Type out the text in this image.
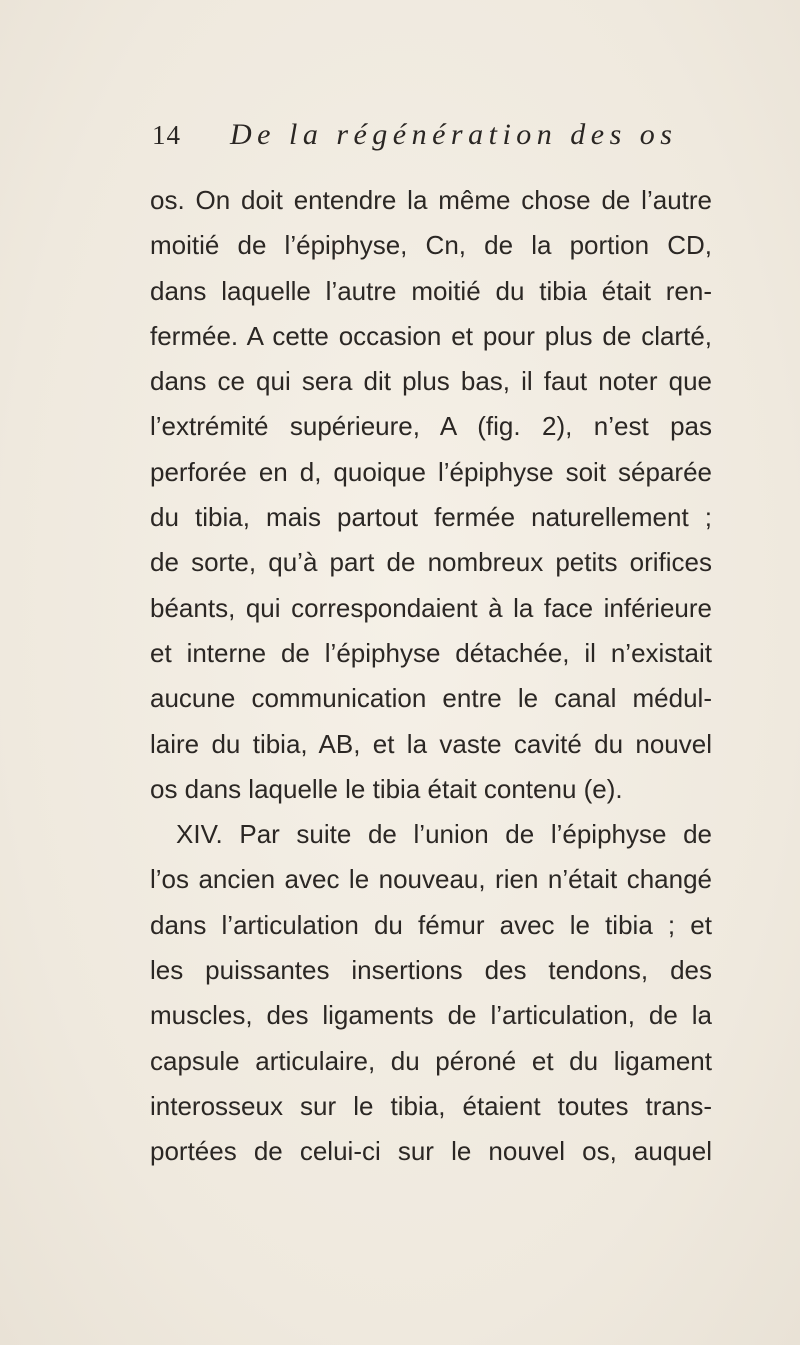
14 De la régénération des os
os. On doit entendre la même chose de l’autre
moitié de l’épiphyse, Cn, de la portion CD,
dans laquelle l’autre moitié du tibia était ren-
fermée. A cette occasion et pour plus de clarté,
dans ce qui sera dit plus bas, il faut noter que
l’extrémité supérieure, A (fig. 2), n’est pas
perforée en d, quoique l’épiphyse soit séparée
du tibia, mais partout fermée naturellement ;
de sorte, qu’à part de nombreux petits orifices
béants, qui correspondaient à la face inférieure
et interne de l’épiphyse détachée, il n’existait
aucune communication entre le canal médul-
laire du tibia, AB, et la vaste cavité du nouvel
os dans laquelle le tibia était contenu (e).
XIV. Par suite de l’union de l’épiphyse de
l’os ancien avec le nouveau, rien n’était changé
dans l’articulation du fémur avec le tibia ; et
les puissantes insertions des tendons, des
muscles, des ligaments de l’articulation, de la
capsule articulaire, du péroné et du ligament
interosseux sur le tibia, étaient toutes trans-
portées de celui-ci sur le nouvel os, auquel
